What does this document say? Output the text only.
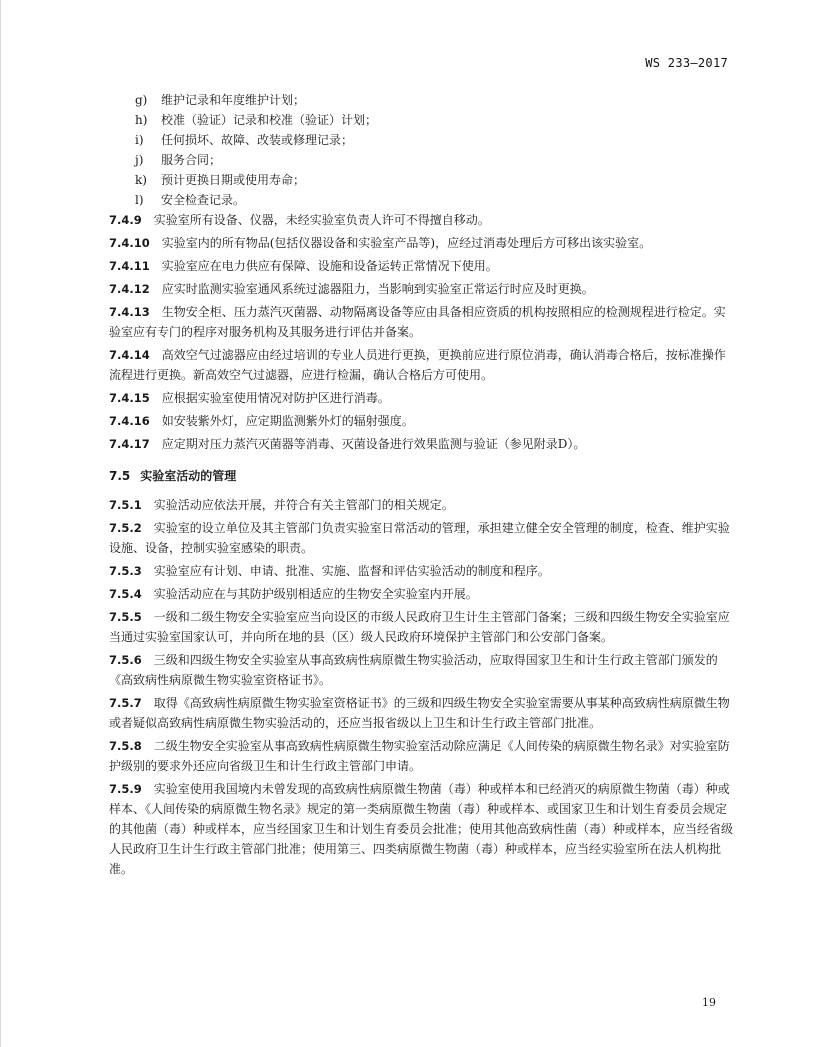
WS 233—2017
g)	维护记录和年度维护计划；
h)	校准（验证）记录和校准（验证）计划；
i)	任何损坏、故障、改装或修理记录；
j)	服务合同；
k)	预计更换日期或使用寿命；
l)	安全检查记录。
7.4.9 实验室所有设备、仪器，未经实验室负责人许可不得擅自移动。
7.4.10 实验室内的所有物品(包括仪器设备和实验室产品等)，应经过消毒处理后方可移出该实验室。
7.4.11 实验室应在电力供应有保障、设施和设备运转正常情况下使用。
7.4.12 应实时监测实验室通风系统过滤器阻力，当影响到实验室正常运行时应及时更换。
7.4.13 生物安全柜、压力蒸汽灭菌器、动物隔离设备等应由具备相应资质的机构按照相应的检测规程进行检定。实验室应有专门的程序对服务机构及其服务进行评估并备案。
7.4.14 高效空气过滤器应由经过培训的专业人员进行更换，更换前应进行原位消毒，确认消毒合格后，按标准操作流程进行更换。新高效空气过滤器，应进行检漏，确认合格后方可使用。
7.4.15 应根据实验室使用情况对防护区进行消毒。
7.4.16 如安装紫外灯，应定期监测紫外灯的辐射强度。
7.4.17 应定期对压力蒸汽灭菌器等消毒、灭菌设备进行效果监测与验证（参见附录D）。
7.5 实验室活动的管理
7.5.1 实验活动应依法开展，并符合有关主管部门的相关规定。
7.5.2 实验室的设立单位及其主管部门负责实验室日常活动的管理，承担建立健全安全管理的制度，检查、维护实验设施、设备，控制实验室感染的职责。
7.5.3 实验室应有计划、申请、批准、实施、监督和评估实验活动的制度和程序。
7.5.4 实验活动应在与其防护级别相适应的生物安全实验室内开展。
7.5.5 一级和二级生物安全实验室应当向设区的市级人民政府卫生计生主管部门备案；三级和四级生物安全实验室应当通过实验室国家认可，并向所在地的县（区）级人民政府环境保护主管部门和公安部门备案。
7.5.6 三级和四级生物安全实验室从事高致病性病原微生物实验活动，应取得国家卫生和计生行政主管部门颁发的《高致病性病原微生物实验室资格证书》。
7.5.7 取得《高致病性病原微生物实验室资格证书》的三级和四级生物安全实验室需要从事某种高致病性病原微生物或者疑似高致病性病原微生物实验活动的，还应当报省级以上卫生和计生行政主管部门批准。
7.5.8 二级生物安全实验室从事高致病性病原微生物实验室活动除应满足《人间传染的病原微生物名录》对实验室防护级别的要求外还应向省级卫生和计生行政主管部门申请。
7.5.9 实验室使用我国境内未曾发现的高致病性病原微生物菌（毒）种或样本和已经消灭的病原微生物菌（毒）种或样本、《人间传染的病原微生物名录》规定的第一类病原微生物菌（毒）种或样本、或国家卫生和计划生育委员会规定的其他菌（毒）种或样本，应当经国家卫生和计划生育委员会批准；使用其他高致病性菌（毒）种或样本，应当经省级人民政府卫生计生行政主管部门批准；使用第三、四类病原微生物菌（毒）种或样本，应当经实验室所在法人机构批准。
19
